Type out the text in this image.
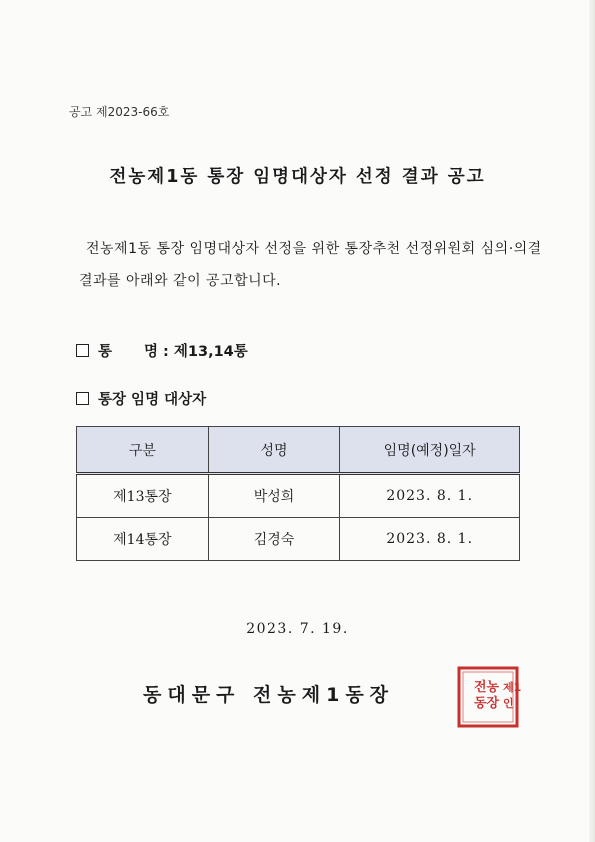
공고 제2023-66호
전농제1동 통장 임명대상자 선정 결과 공고
전농제1동 통장 임명대상자 선정을 위한 통장추천 선정위원회 심의·의결 결과를 아래와 같이 공고합니다.
통 명 : 제13,14통
통장 임명 대상자
구분	성명	임명(예정)일자
제13통장	박성희	2023. 8. 1.
제14통장	김경숙	2023. 8. 1.
2023. 7. 19.
동대문구 전농제1동장	전농
동장
제1
인
